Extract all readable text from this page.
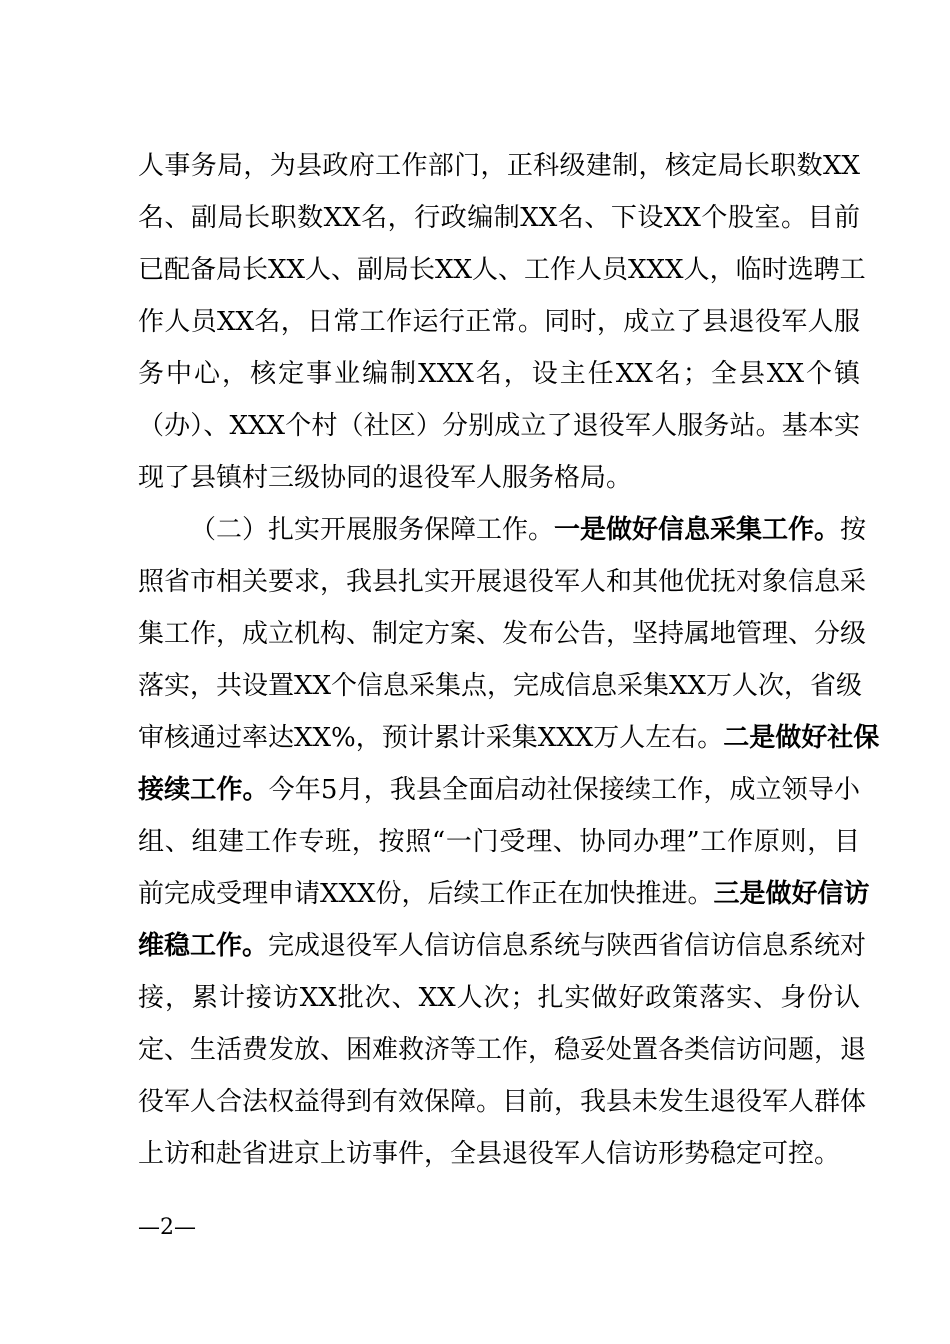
人事务局，为县政府工作部门，正科级建制，核定局长职数XX
名、副局长职数XX名，行政编制XX名、下设XX个股室。目前
已配备局长XX人、副局长XX人、工作人员XXX人，临时选聘工
作人员XX名，日常工作运行正常。同时，成立了县退役军人服
务中心，核定事业编制XXX名，设主任XX名；全县XX个镇
（办）、XXX个村（社区）分别成立了退役军人服务站。基本实
现了县镇村三级协同的退役军人服务格局。
（二）扎实开展服务保障工作。一是做好信息采集工作。按
照省市相关要求，我县扎实开展退役军人和其他优抚对象信息采
集工作，成立机构、制定方案、发布公告，坚持属地管理、分级
落实，共设置XX个信息采集点，完成信息采集XX万人次，省级
审核通过率达XX%，预计累计采集XXX万人左右。二是做好社保
接续工作。今年5月，我县全面启动社保接续工作，成立领导小
组、组建工作专班，按照“一门受理、协同办理”工作原则，目
前完成受理申请XXX份，后续工作正在加快推进。三是做好信访
维稳工作。完成退役军人信访信息系统与陕西省信访信息系统对
接，累计接访XX批次、XX人次；扎实做好政策落实、身份认
定、生活费发放、困难救济等工作，稳妥处置各类信访问题，退
役军人合法权益得到有效保障。目前，我县未发生退役军人群体
上访和赴省进京上访事件，全县退役军人信访形势稳定可控。
—2—
